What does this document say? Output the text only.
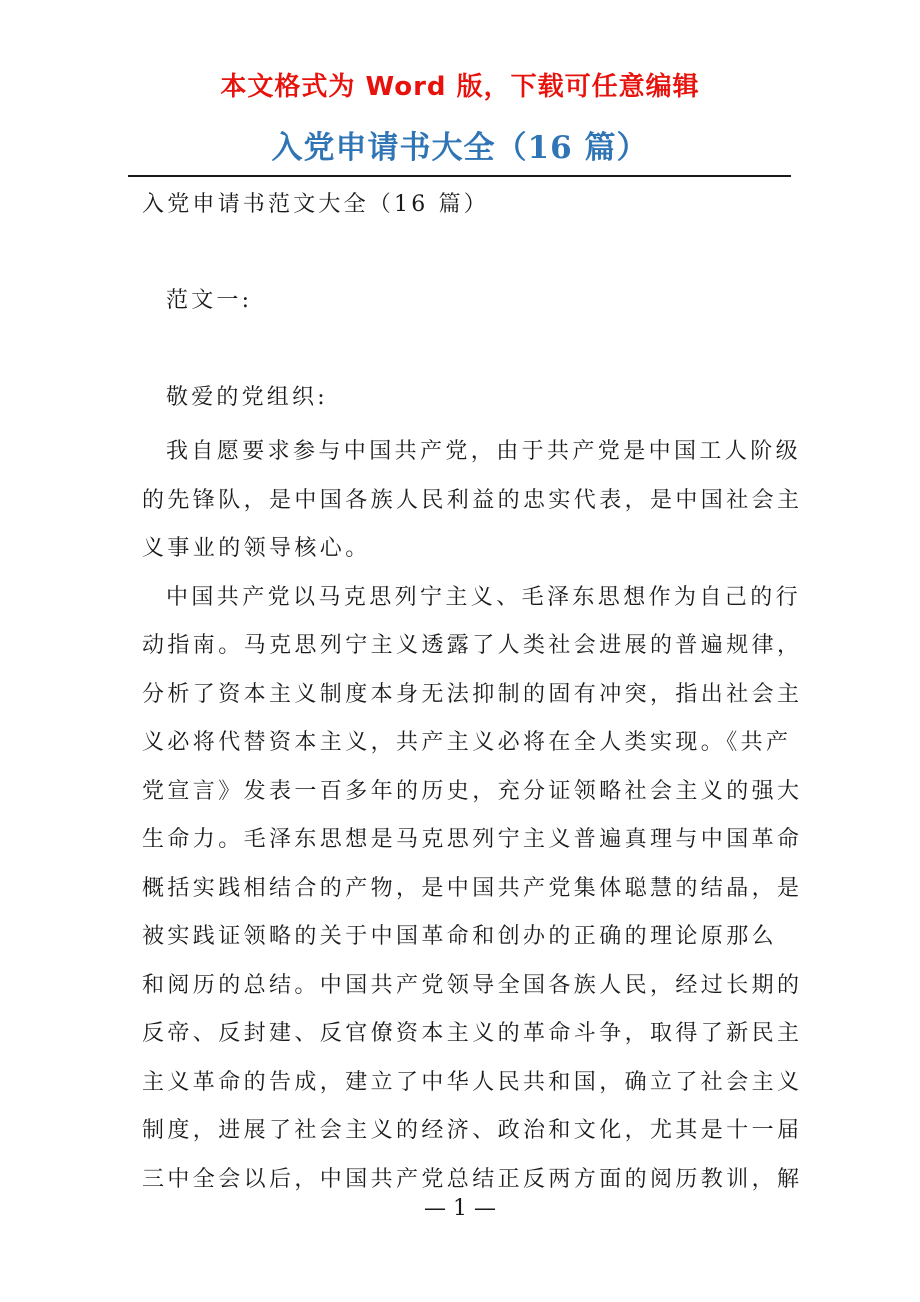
本文格式为 Word 版，下载可任意编辑
入党申请书大全（16 篇）
入党申请书范文大全（16 篇）
范文一:
敬爱的党组织:
我自愿要求参与中国共产党，由于共产党是中国工人阶级
的先锋队，是中国各族人民利益的忠实代表，是中国社会主
义事业的领导核心。
中国共产党以马克思列宁主义、毛泽东思想作为自己的行
动指南。马克思列宁主义透露了人类社会进展的普遍规律，
分析了资本主义制度本身无法抑制的固有冲突，指出社会主
义必将代替资本主义，共产主义必将在全人类实现。《共产
党宣言》发表一百多年的历史，充分证领略社会主义的强大
生命力。毛泽东思想是马克思列宁主义普遍真理与中国革命
概括实践相结合的产物，是中国共产党集体聪慧的结晶，是
被实践证领略的关于中国革命和创办的正确的理论原那么
和阅历的总结。中国共产党领导全国各族人民，经过长期的
反帝、反封建、反官僚资本主义的革命斗争，取得了新民主
主义革命的告成，建立了中华人民共和国，确立了社会主义
制度，进展了社会主义的经济、政治和文化，尤其是十一届
三中全会以后，中国共产党总结正反两方面的阅历教训，解
— 1 —
